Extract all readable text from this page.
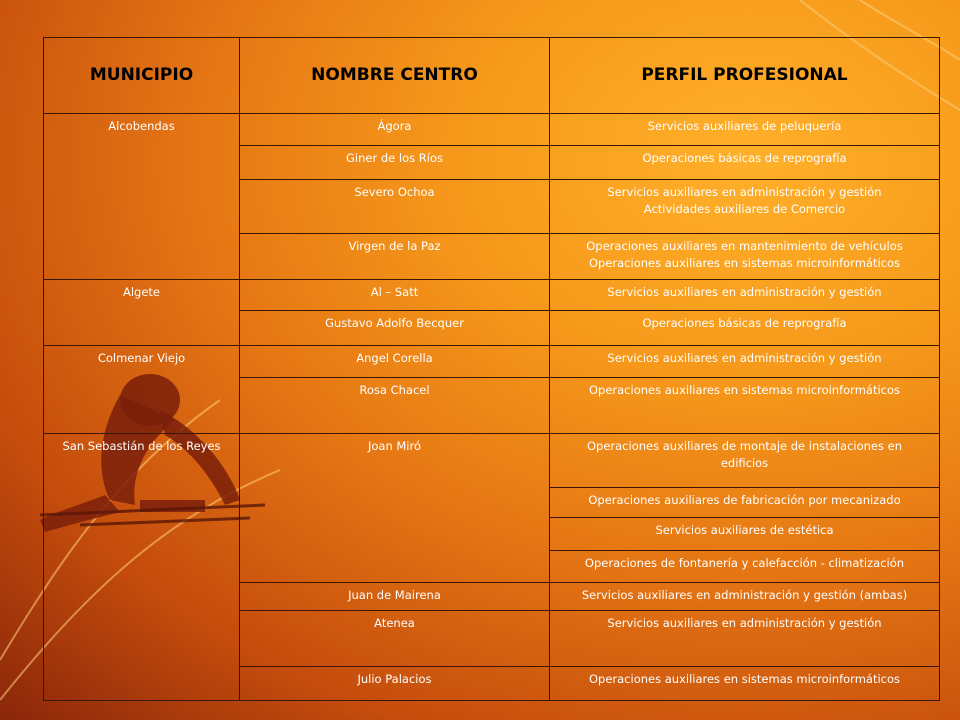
MUNICIPIO	NOMBRE CENTRO	PERFIL PROFESIONAL
Alcobendas	Ágora	Servicios auxiliares de peluquería

	Giner de los Ríos	Operaciones básicas de reprografía

	Severo Ochoa	Servicios auxiliares en administración y gestión
Actividades auxiliares de Comercio

	Virgen de la Paz	Operaciones auxiliares en mantenimiento de vehículos
Operaciones auxiliares en sistemas microinformáticos

Algete	Al – Satt	Servicios auxiliares en administración y gestión

	Gustavo Adolfo Becquer	Operaciones básicas de reprografía

Colmenar Viejo	Angel Corella	Servicios auxiliares en administración y gestión

	Rosa Chacel	Operaciones auxiliares en sistemas microinformáticos

San Sebastián de los Reyes	Joan Miró	Operaciones auxiliares de montaje de instalaciones en
edificios

		Operaciones auxiliares de fabricación por mecanizado

		Servicios auxiliares de estética

		Operaciones de fontanería y calefacción - climatización

	Juan de Mairena	Servicios auxiliares en administración y gestión (ambas)

	Atenea	Servicios auxiliares en administración y gestión

	Julio Palacios	Operaciones auxiliares en sistemas microinformáticos
